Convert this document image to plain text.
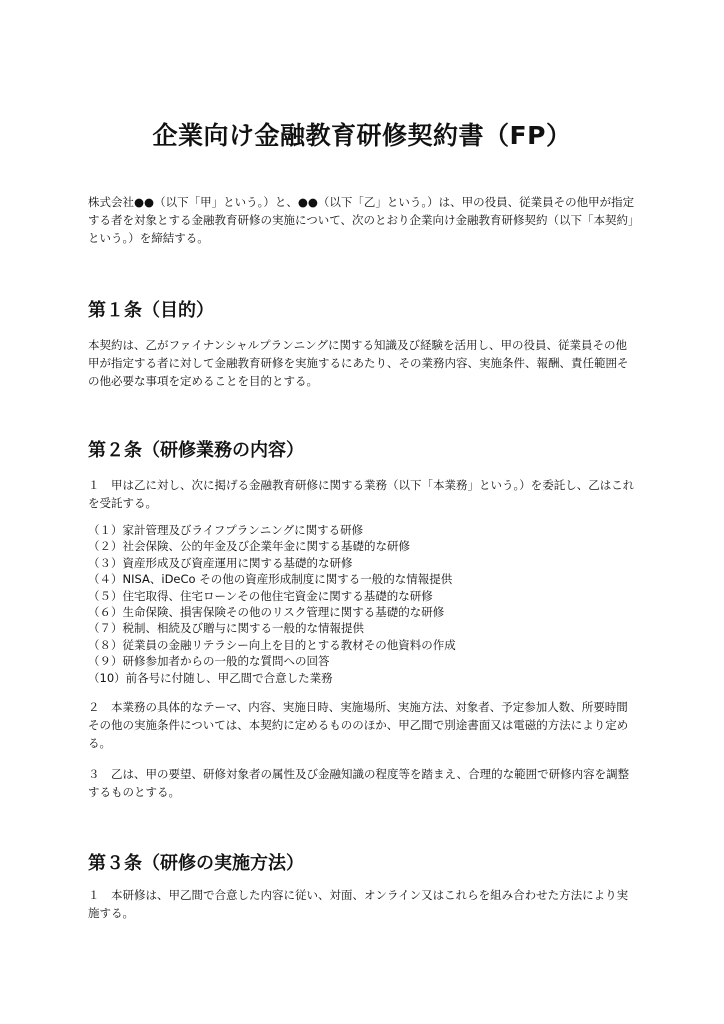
企業向け金融教育研修契約書（FP）

株式会社●●（以下「甲」という。）と、●●（以下「乙」という。）は、甲の役員、従業員その他甲が指定する者を対象とする金融教育研修の実施について、次のとおり企業向け金融教育研修契約（以下「本契約」という。）を締結する。

第１条（目的）

本契約は、乙がファイナンシャルプランニングに関する知識及び経験を活用し、甲の役員、従業員その他甲が指定する者に対して金融教育研修を実施するにあたり、その業務内容、実施条件、報酬、責任範囲その他必要な事項を定めることを目的とする。

第２条（研修業務の内容）

１　甲は乙に対し、次に掲げる金融教育研修に関する業務（以下「本業務」という。）を委託し、乙はこれを受託する。

（１）家計管理及びライフプランニングに関する研修
（２）社会保険、公的年金及び企業年金に関する基礎的な研修
（３）資産形成及び資産運用に関する基礎的な研修
（４）NISA、iDeCo その他の資産形成制度に関する一般的な情報提供
（５）住宅取得、住宅ローンその他住宅資金に関する基礎的な研修
（６）生命保険、損害保険その他のリスク管理に関する基礎的な研修
（７）税制、相続及び贈与に関する一般的な情報提供
（８）従業員の金融リテラシー向上を目的とする教材その他資料の作成
（９）研修参加者からの一般的な質問への回答
（10）前各号に付随し、甲乙間で合意した業務

２　本業務の具体的なテーマ、内容、実施日時、実施場所、実施方法、対象者、予定参加人数、所要時間その他の実施条件については、本契約に定めるもののほか、甲乙間で別途書面又は電磁的方法により定める。

３　乙は、甲の要望、研修対象者の属性及び金融知識の程度等を踏まえ、合理的な範囲で研修内容を調整するものとする。

第３条（研修の実施方法）

１　本研修は、甲乙間で合意した内容に従い、対面、オンライン又はこれらを組み合わせた方法により実施する。
